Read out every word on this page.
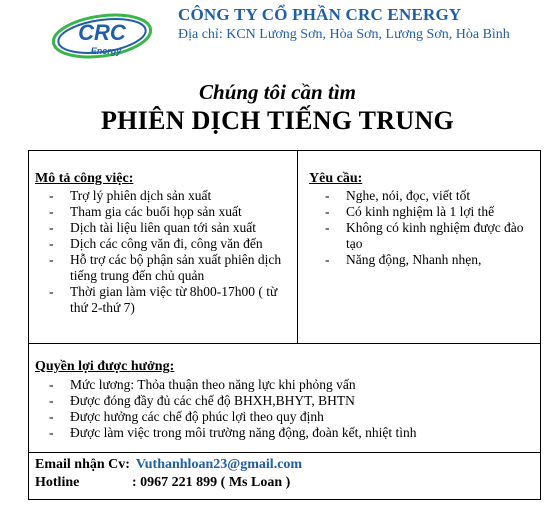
CRC
Energy
CÔNG TY CỔ PHẦN CRC ENERGY
Địa chỉ: KCN Lương Sơn, Hòa Sơn, Lương Sơn, Hòa Bình
Chúng tôi cần tìm
PHIÊN DỊCH TIẾNG TRUNG
Mô tả công việc:
- Trợ lý phiên dịch sản xuất
- Tham gia các buổi họp sản xuất
- Dịch tài liệu liên quan tới sản xuất
- Dịch các công văn đi, công văn đến
- Hỗ trợ các bộ phận sản xuất phiên dịch tiếng trung đến chủ quản
- Thời gian làm việc từ 8h00-17h00 ( từ thứ 2-thứ 7)
Yêu cầu:
- Nghe, nói, đọc, viết tốt
- Có kinh nghiệm là 1 lợi thế
- Không có kinh nghiệm được đào tạo
- Năng động, Nhanh nhẹn,
Quyền lợi được hưởng:
- Mức lương: Thỏa thuận theo năng lực khi phỏng vấn
- Được đóng đầy đủ các chế độ BHXH,BHYT, BHTN
- Được hưởng các chế độ phúc lợi theo quy định
- Được làm việc trong môi trường năng động, đoàn kết, nhiệt tình
Email nhận Cv: Vuthanhloan23@gmail.com
Hotline	: 0967 221 899 ( Ms Loan )
